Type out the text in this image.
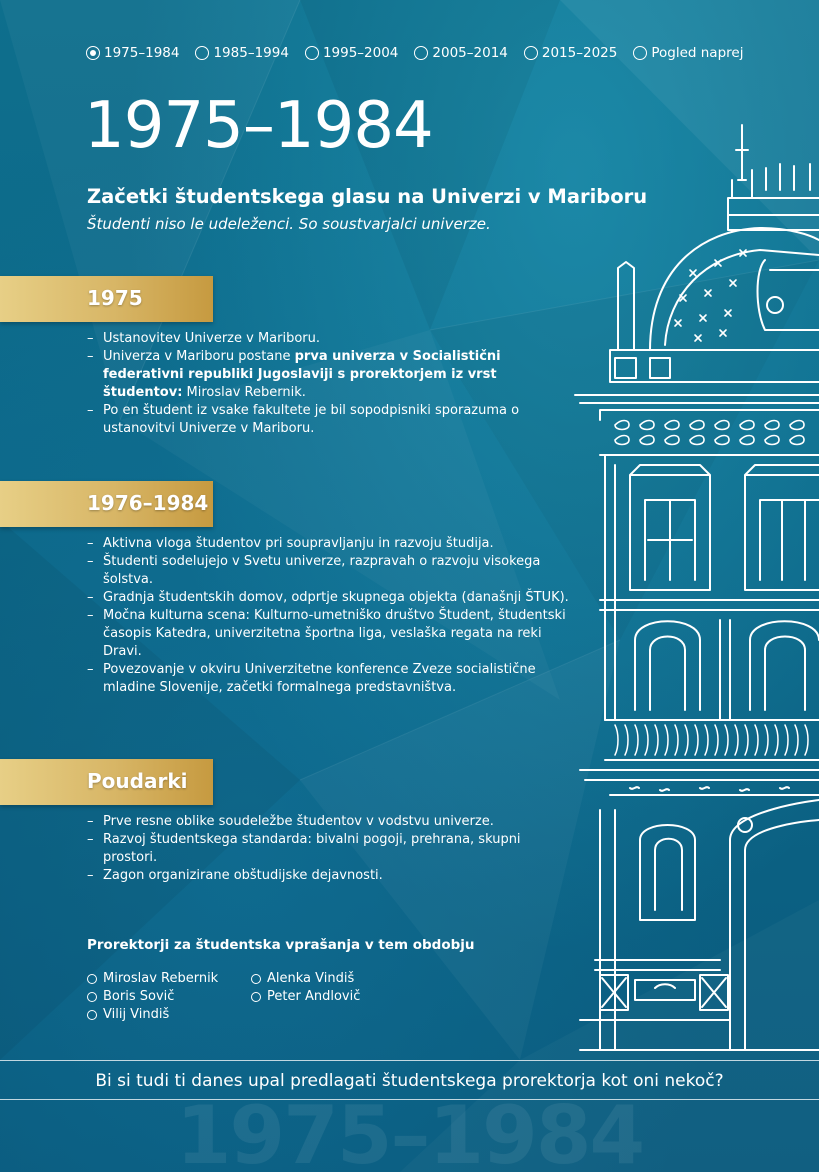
1975–1984	1985–1994	1995–2004	2005–2014	2015–2025	Pogled naprej
1975–1984
Začetki študentskega glasu na Univerzi v Mariboru
Študenti niso le udeleženci. So soustvarjalci univerze.
1975
– Ustanovitev Univerze v Mariboru.
– Univerza v Mariboru postane prva univerza v Socialistični federativni republiki Jugoslaviji s prorektorjem iz vrst študentov: Miroslav Rebernik.
– Po en študent iz vsake fakultete je bil sopodpisniki sporazuma o ustanovitvi Univerze v Mariboru.
1976–1984
– Aktivna vloga študentov pri soupravljanju in razvoju študija.
– Študenti sodelujejo v Svetu univerze, razpravah o razvoju visokega šolstva.
– Gradnja študentskih domov, odprtje skupnega objekta (današnji ŠTUK).
– Močna kulturna scena: Kulturno-umetniško društvo Študent, študentski časopis Katedra, univerzitetna športna liga, veslaška regata na reki Dravi.
– Povezovanje v okviru Univerzitetne konference Zveze socialistične mladine Slovenije, začetki formalnega predstavništva.
Poudarki
– Prve resne oblike soudeležbe študentov v vodstvu univerze.
– Razvoj študentskega standarda: bivalni pogoji, prehrana, skupni prostori.
– Zagon organizirane obštudijske dejavnosti.
Prorektorji za študentska vprašanja v tem obdobju
Miroslav Rebernik
Boris Sovič
Vilij Vindiš
Alenka Vindiš
Peter Andlovič
Bi si tudi ti danes upal predlagati študentskega prorektorja kot oni nekoč?
1975–1984
